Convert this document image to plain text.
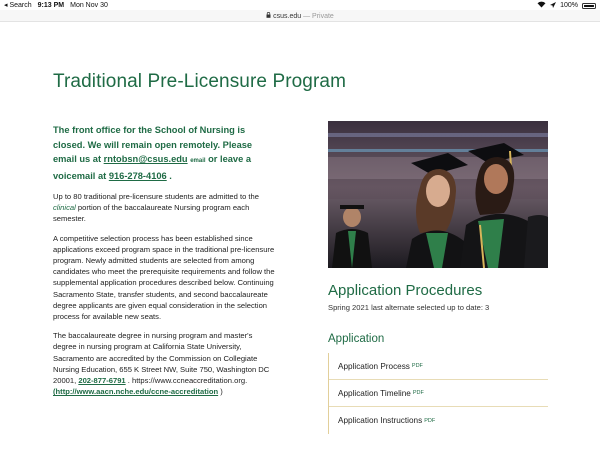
◂ Search 9:13 PM Mon Nov 30	100%
csus.edu — Private
Traditional Pre-Licensure Program

The front office for the School of Nursing is closed. We will remain open remotely. Please email us at rntobsn@csus.edu email or leave a voicemail at 916-278-4106 .

Up to 80 traditional pre-licensure students are admitted to the clinical portion of the baccalaureate Nursing program each semester.

A competitive selection process has been established since applications exceed program space in the traditional pre-licensure program. Newly admitted students are selected from among candidates who meet the prerequisite requirements and follow the supplemental application procedures described below. Continuing Sacramento State, transfer students, and second baccalaureate degree applicants are given equal consideration in the selection process for available new seats.

The baccalaureate degree in nursing program and master's degree in nursing program at California State University, Sacramento are accredited by the Commission on Collegiate Nursing Education, 655 K Street NW, Suite 750, Washington DC 20001, 202-877-6791 . https://www.ccneaccreditation.org. (http://www.aacn.nche.edu/ccne-accreditation )

Application Procedures

Spring 2021 last alternate selected up to date: 3

Application
Application Process PDF
Application Timeline PDF
Application Instructions PDF
